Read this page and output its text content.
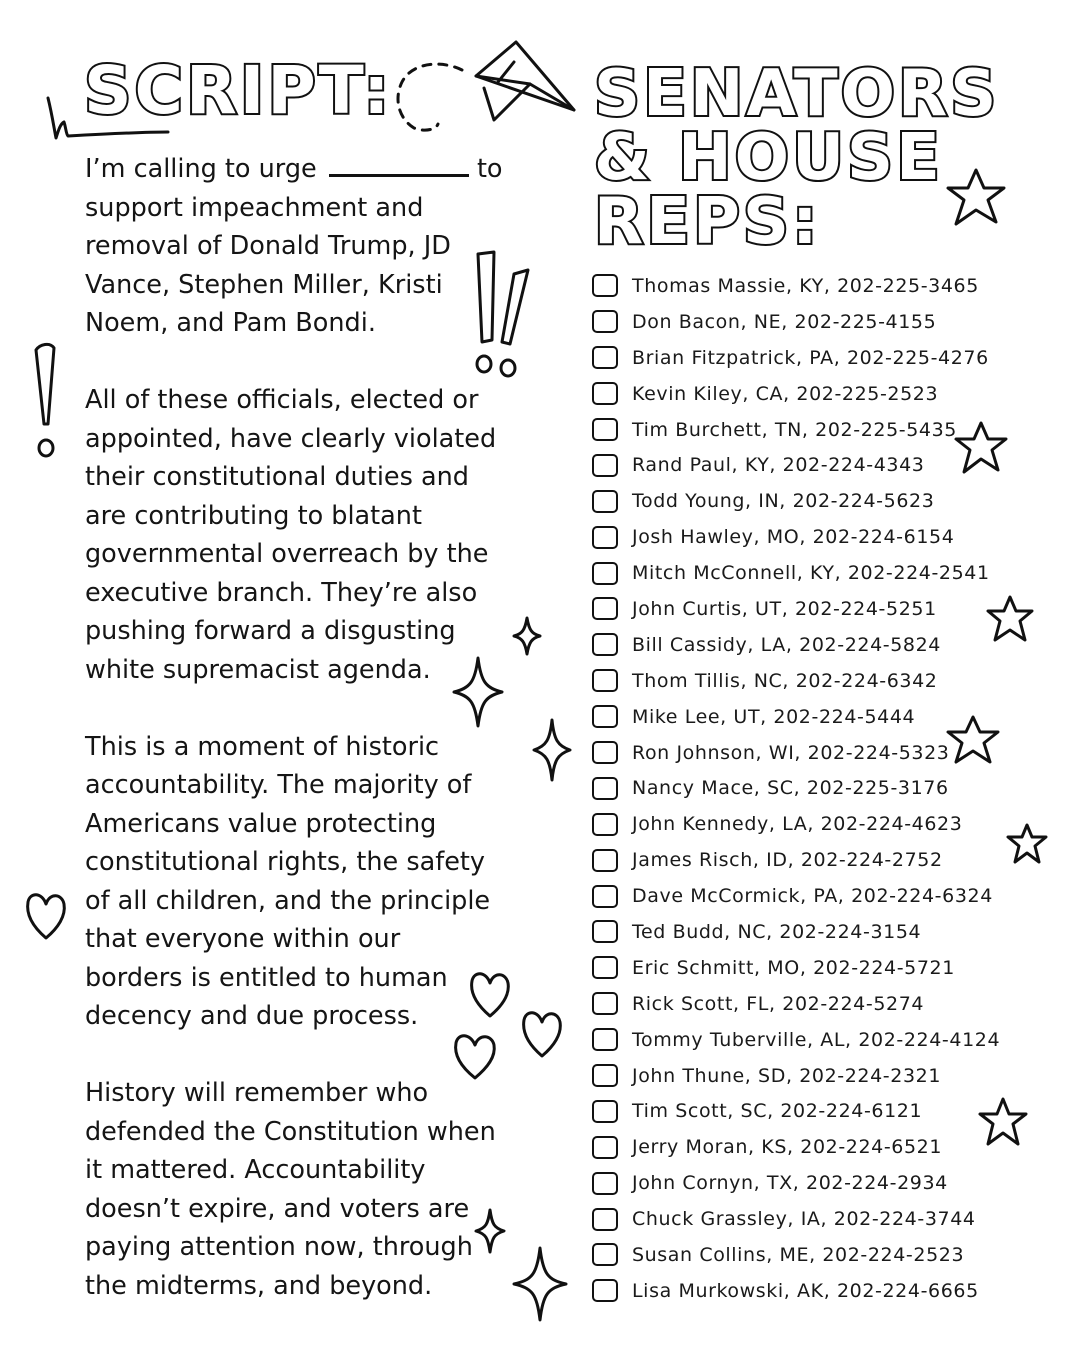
SCRIPT:	SENATORS
& HOUSE
REPS:

I’m calling to urge	to support impeachment and removal of Donald Trump, JD Vance, Stephen Miller, Kristi Noem, and Pam Bondi.

All of these officials, elected or appointed, have clearly violated their constitutional duties and are contributing to blatant governmental overreach by the executive branch. They’re also pushing forward a disgusting white supremacist agenda.

This is a moment of historic accountability. The majority of Americans value protecting constitutional rights, the safety of all children, and the principle that everyone within our borders is entitled to human decency and due process.

History will remember who defended the Constitution when it mattered. Accountability doesn’t expire, and voters are paying attention now, through the midterms, and beyond.

Thomas Massie, KY, 202-225-3465
Don Bacon, NE, 202-225-4155
Brian Fitzpatrick, PA, 202-225-4276
Kevin Kiley, CA, 202-225-2523
Tim Burchett, TN, 202-225-5435
Rand Paul, KY, 202-224-4343
Todd Young, IN, 202-224-5623
Josh Hawley, MO, 202-224-6154
Mitch McConnell, KY, 202-224-2541
John Curtis, UT, 202-224-5251
Bill Cassidy, LA, 202-224-5824
Thom Tillis, NC, 202-224-6342
Mike Lee, UT, 202-224-5444
Ron Johnson, WI, 202-224-5323
Nancy Mace, SC, 202-225-3176
John Kennedy, LA, 202-224-4623
James Risch, ID, 202-224-2752
Dave McCormick, PA, 202-224-6324
Ted Budd, NC, 202-224-3154
Eric Schmitt, MO, 202-224-5721
Rick Scott, FL, 202-224-5274
Tommy Tuberville, AL, 202-224-4124
John Thune, SD, 202-224-2321
Tim Scott, SC, 202-224-6121
Jerry Moran, KS, 202-224-6521
John Cornyn, TX, 202-224-2934
Chuck Grassley, IA, 202-224-3744
Susan Collins, ME, 202-224-2523
Lisa Murkowski, AK, 202-224-6665
